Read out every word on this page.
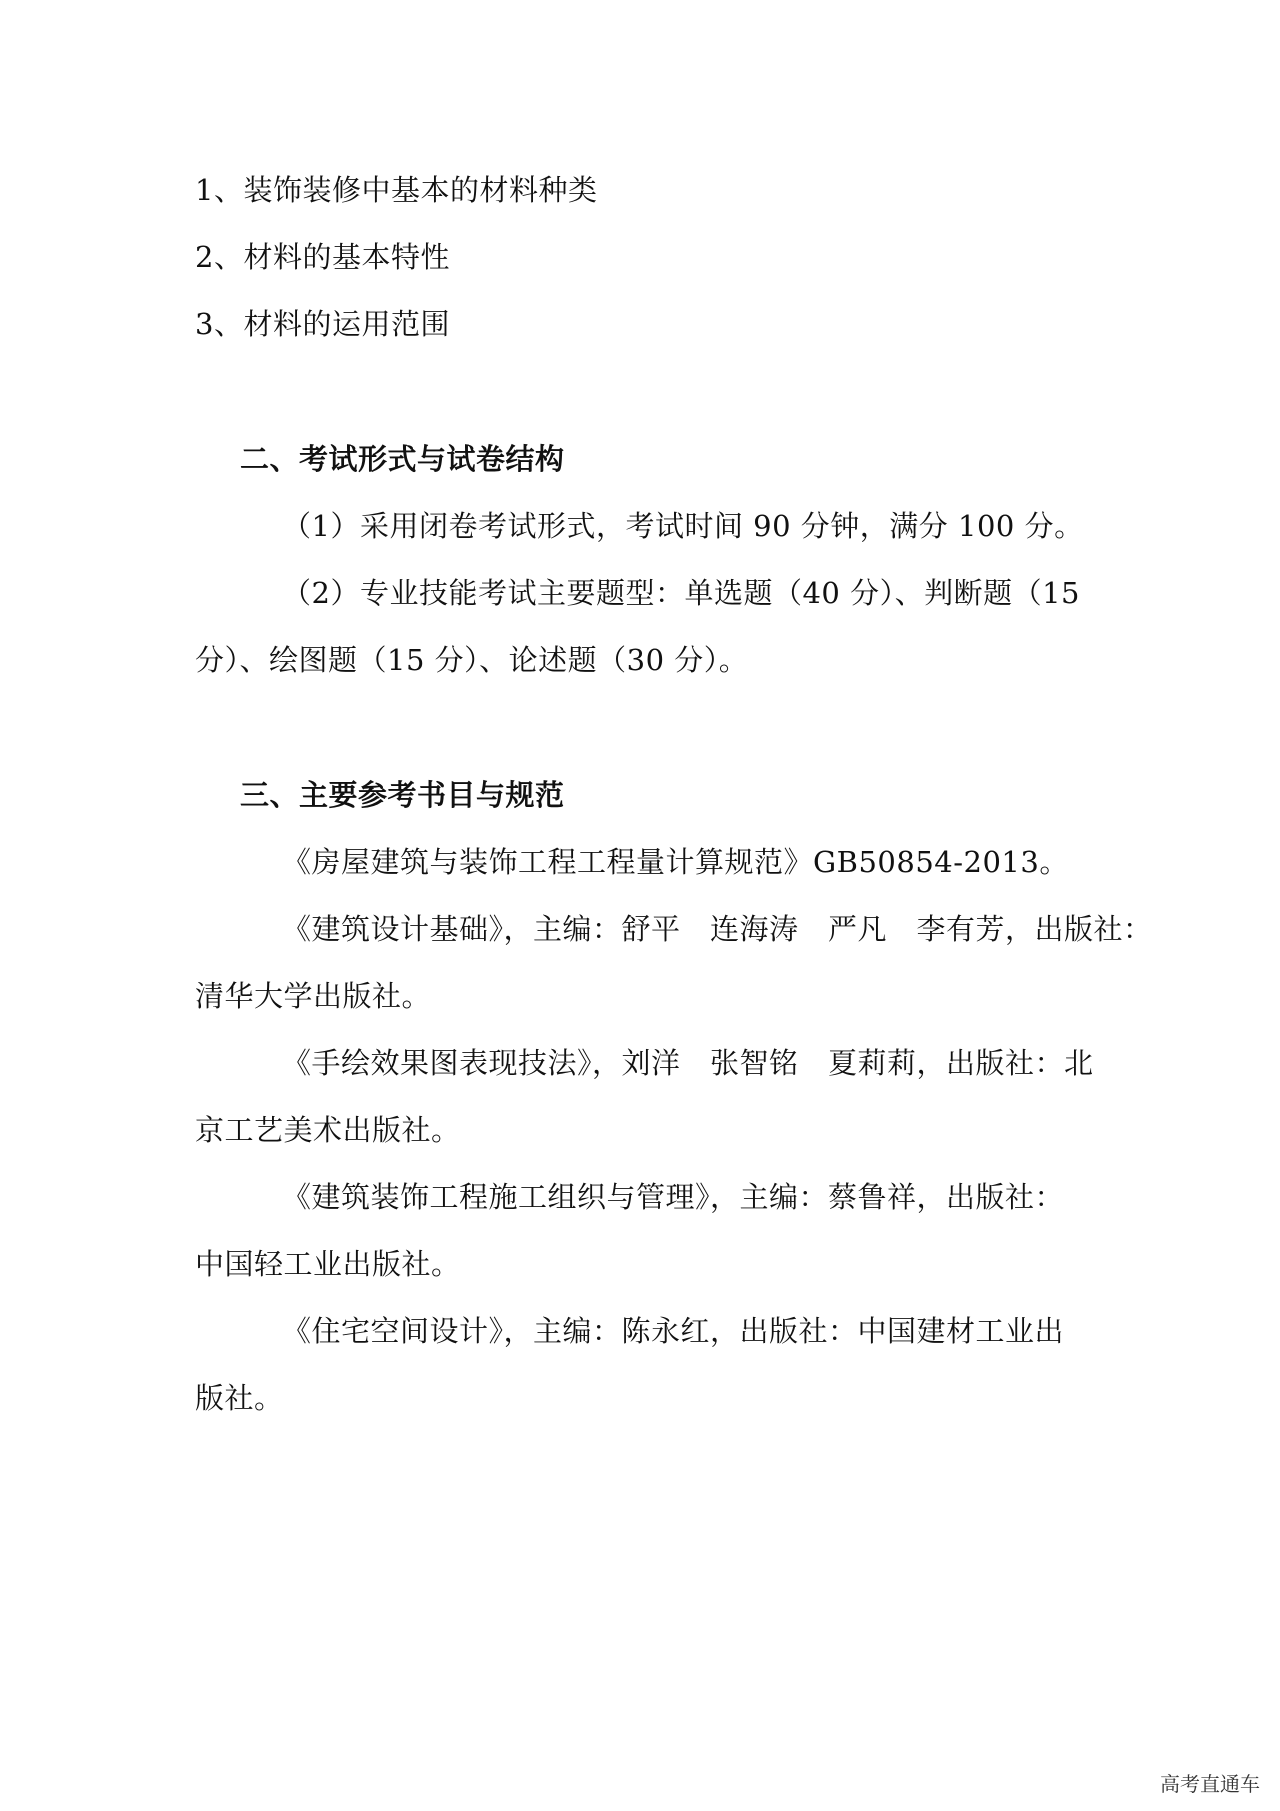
1、装饰装修中基本的材料种类
2、材料的基本特性
3、材料的运用范围
二、考试形式与试卷结构
（1）采用闭卷考试形式，考试时间 90 分钟，满分 100 分。
（2）专业技能考试主要题型：单选题（40 分）、判断题（15
分）、绘图题（15 分）、论述题（30 分）。
三、主要参考书目与规范
《房屋建筑与装饰工程工程量计算规范》GB50854-2013。
《建筑设计基础》，主编：舒平　连海涛　严凡　李有芳，出版社：
清华大学出版社。
《手绘效果图表现技法》，刘洋　张智铭　夏莉莉，出版社：北
京工艺美术出版社。
《建筑装饰工程施工组织与管理》，主编：蔡鲁祥，出版社：
中国轻工业出版社。
《住宅空间设计》，主编：陈永红，出版社：中国建材工业出
版社。
高考直通车
